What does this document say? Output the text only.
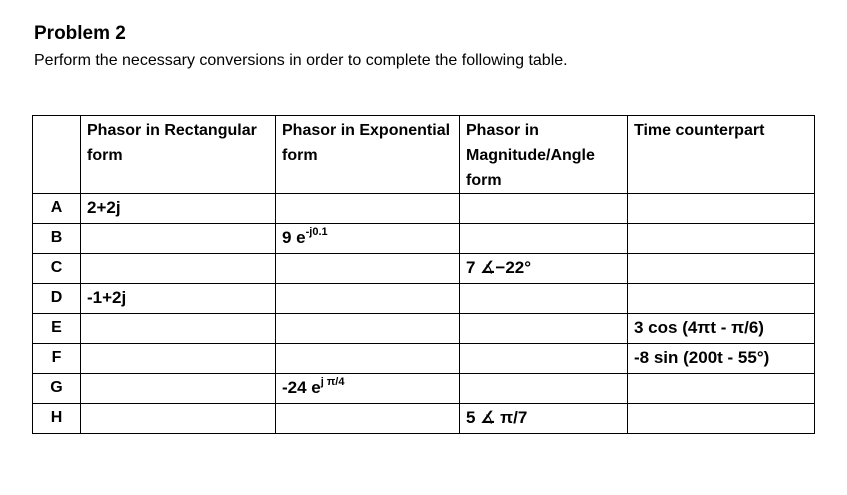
Problem 2
Perform the necessary conversions in order to complete the following table.
	Phasor in Rectangular form	Phasor in Exponential form	Phasor in Magnitude/Angle form	Time counterpart
A	2+2j			
B		9 $e^{-j0.1}$		
C			7 ∡−22°	
D	-1+2j			
E				3 cos (4πt - π/6)
F				-8 sin (200t - 55°)
G		-24 $e^{j \pi/4}$		
H			5 ∡ π/7	
